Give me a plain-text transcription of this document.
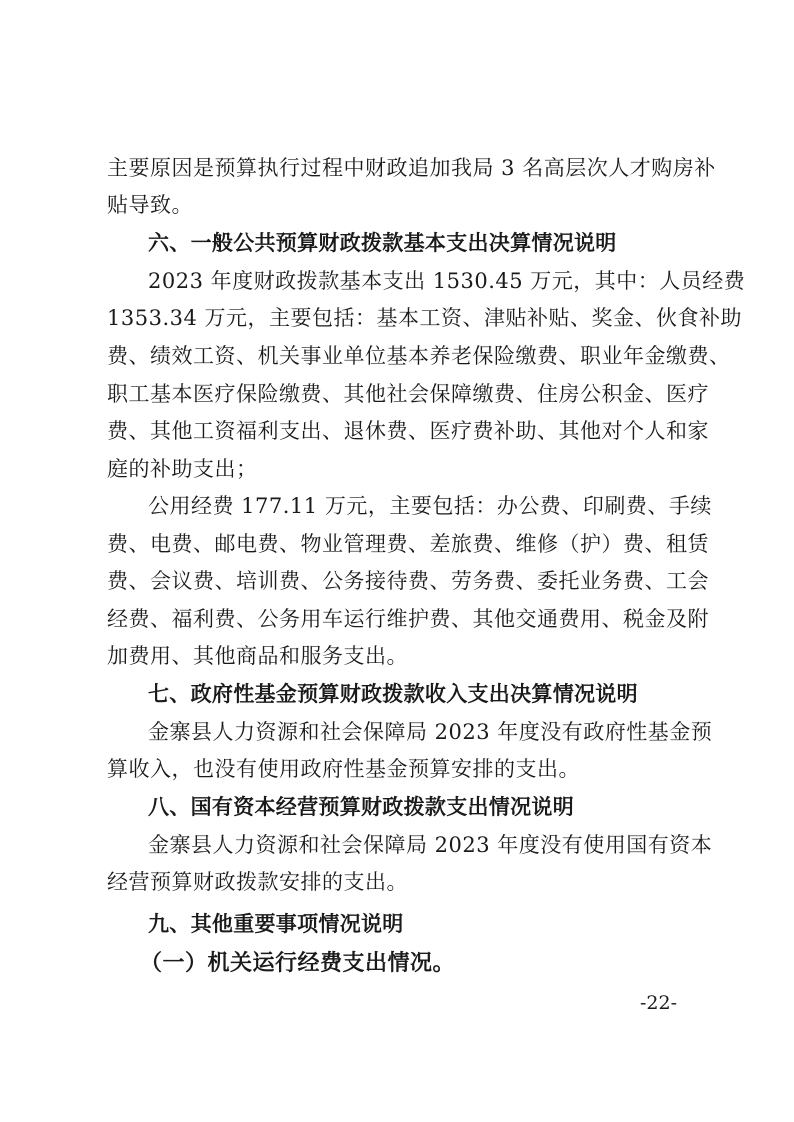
主要原因是预算执行过程中财政追加我局 3 名高层次人才购房补
贴导致。
六、一般公共预算财政拨款基本支出决算情况说明
2023 年度财政拨款基本支出 1530.45 万元，其中：人员经费
1353.34 万元，主要包括：基本工资、津贴补贴、奖金、伙食补助
费、绩效工资、机关事业单位基本养老保险缴费、职业年金缴费、
职工基本医疗保险缴费、其他社会保障缴费、住房公积金、医疗
费、其他工资福利支出、退休费、医疗费补助、其他对个人和家
庭的补助支出；
公用经费 177.11 万元，主要包括：办公费、印刷费、手续
费、电费、邮电费、物业管理费、差旅费、维修（护）费、租赁
费、会议费、培训费、公务接待费、劳务费、委托业务费、工会
经费、福利费、公务用车运行维护费、其他交通费用、税金及附
加费用、其他商品和服务支出。
七、政府性基金预算财政拨款收入支出决算情况说明
金寨县人力资源和社会保障局 2023 年度没有政府性基金预
算收入，也没有使用政府性基金预算安排的支出。
八、国有资本经营预算财政拨款支出情况说明
金寨县人力资源和社会保障局 2023 年度没有使用国有资本
经营预算财政拨款安排的支出。
九、其他重要事项情况说明
（一）机关运行经费支出情况。
-22-
